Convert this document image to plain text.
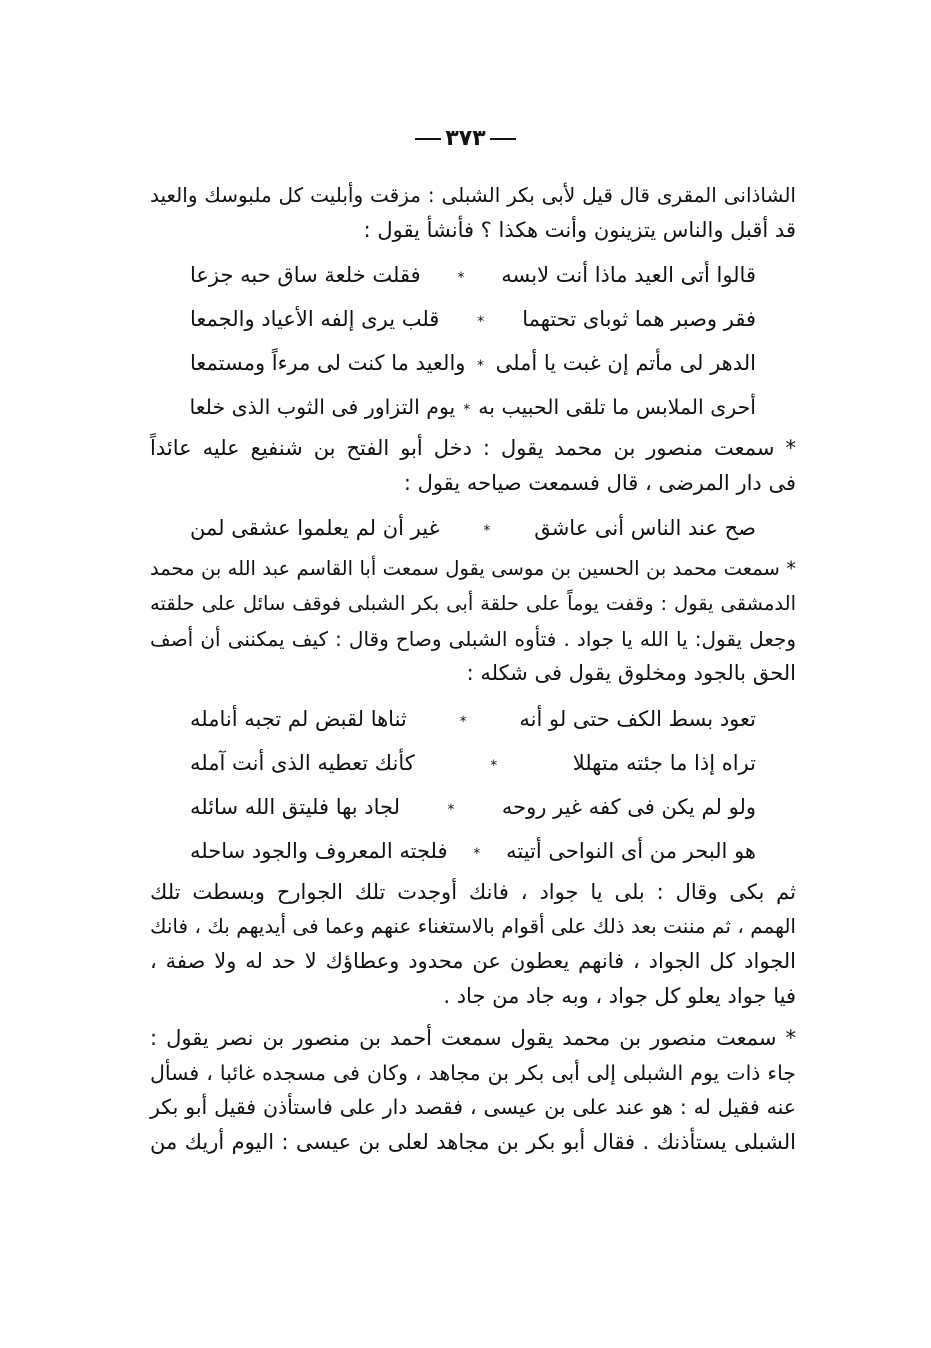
٣٧٣

الشاذانى المقرى قال قيل لأبى بكر الشبلى : مزقت وأبليت كل ملبوسك والعيد
قد أقبل والناس يتزينون وأنت هكذا ؟ فأنشأ يقول :

قالوا أتى العيد ماذا أنت لابسه
*
فقلت خلعة ساق حبه جزعا
فقر وصبر هما ثوباى تحتهما
*
قلب يرى إلفه الأعياد والجمعا
الدهر لى مأتم إن غبت يا أملى
*
والعيد ما كنت لى مرءاً ومستمعا
أحرى الملابس ما تلقى الحبيب به
*
يوم التزاور فى الثوب الذى خلعا

* سمعت منصور بن محمد يقول : دخل أبو الفتح بن شنفيع عليه عائداً
فى دار المرضى ، قال فسمعت صياحه يقول :

صح عند الناس أنى عاشق
*
غير أن لم يعلموا عشقى لمن

* سمعت محمد بن الحسين بن موسى يقول سمعت أبا القاسم عبد الله بن محمد
الدمشقى يقول : وقفت يوماً على حلقة أبى بكر الشبلى فوقف سائل على حلقته
وجعل يقول: يا الله يا جواد . فتأوه الشبلى وصاح وقال : كيف يمكننى أن أصف
الحق بالجود ومخلوق يقول فى شكله :

تعود بسط الكف حتى لو أنه
*
ثناها لقبض لم تجبه أنامله
تراه إذا ما جئته متهللا
*
كأنك تعطيه الذى أنت آمله
ولو لم يكن فى كفه غير روحه
*
لجاد بها فليتق الله سائله
هو البحر من أى النواحى أتيته
*
فلجته المعروف والجود ساحله

ثم بكى وقال : بلى يا جواد ، فانك أوجدت تلك الجوارح وبسطت تلك
الهمم ، ثم مننت بعد ذلك على أقوام بالاستغناء عنهم وعما فى أيديهم بك ، فانك
الجواد كل الجواد ، فانهم يعطون عن محدود وعطاؤك لا حد له ولا صفة ،
فيا جواد يعلو كل جواد ، وبه جاد من جاد .

* سمعت منصور بن محمد يقول سمعت أحمد بن منصور بن نصر يقول :
جاء ذات يوم الشبلى إلى أبى بكر بن مجاهد ، وكان فى مسجده غائبا ، فسأل
عنه فقيل له : هو عند على بن عيسى ، فقصد دار على فاستأذن فقيل أبو بكر
الشبلى يستأذنك . فقال أبو بكر بن مجاهد لعلى بن عيسى : اليوم أريك من
